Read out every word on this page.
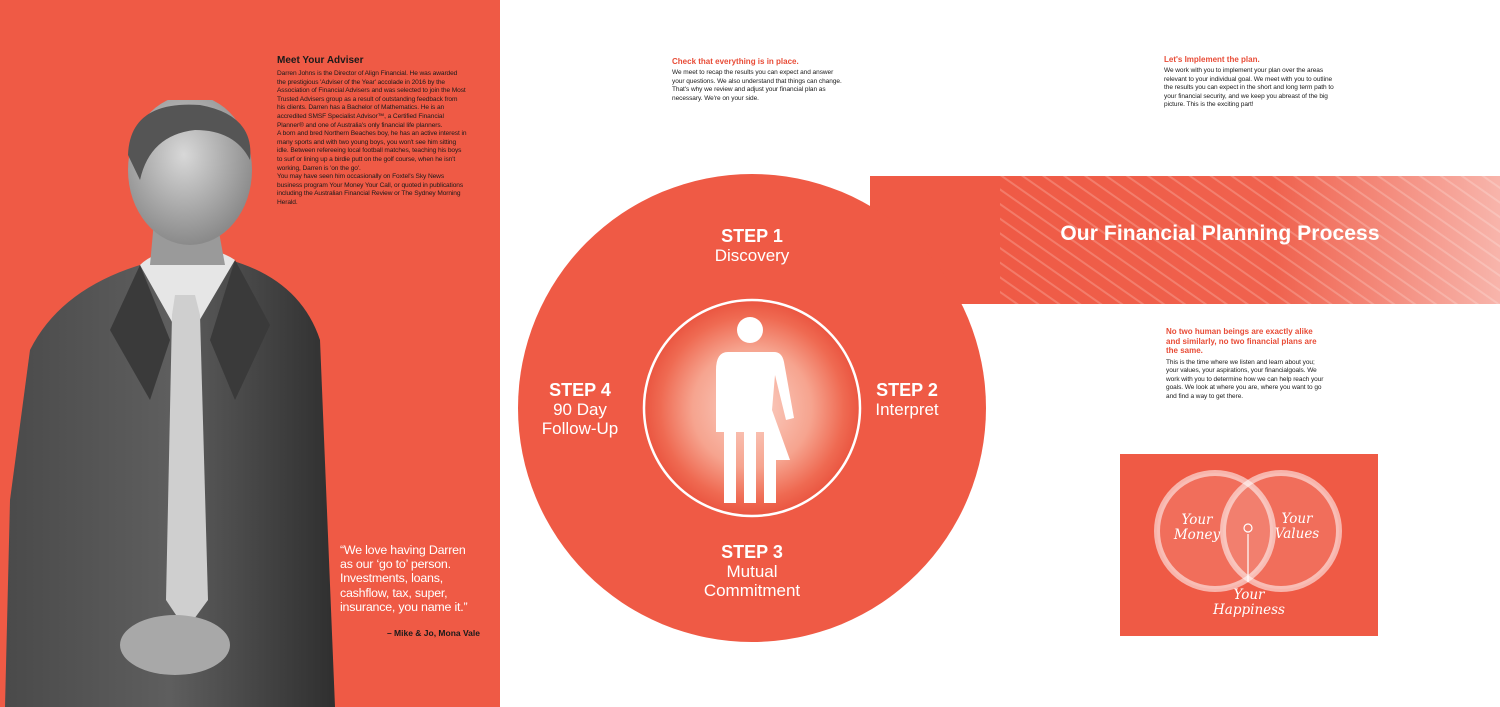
Meet Your Adviser

Darren Johns is the Director of Align Financial. He was awarded the prestigious 'Adviser of the Year' accolade in 2016 by the Association of Financial Advisers and was selected to join the Most Trusted Advisers group as a result of outstanding feedback from his clients. Darren has a Bachelor of Mathematics. He is an accredited SMSF Specialist Advisor™, a Certified Financial Planner® and one of Australia's only financial life planners.

A born and bred Northern Beaches boy, he has an active interest in many sports and with two young boys, you won't see him sitting idle. Between refereeing local football matches, teaching his boys to surf or lining up a birdie putt on the golf course, when he isn't working, Darren is 'on the go'.

You may have seen him occasionally on Foxtel's Sky News business program Your Money Your Call, or quoted in publications including the Australian Financial Review or The Sydney Morning Herald.

“We love having Darren as our ‘go to’ person. Investments, loans, cashflow, tax, super, insurance, you name it.”
– Mike & Jo, Mona Vale

Check that everything is in place.

We meet to recap the results you can expect and answer your questions. We also understand that things can change. That's why we review and adjust your financial plan as necessary. We're on your side.

Let's Implement the plan.

We work with you to implement your plan over the areas relevant to your individual goal. We meet with you to outline the results you can expect in the short and long term path to your financial security, and we keep you abreast of the big picture. This is the exciting part!

No two human beings are exactly alike and similarly, no two financial plans are the same.

This is the time where we listen and learn about you; your values, your aspirations, your financialgoals. We work with you to determine how we can help reach your goals. We look at where you are, where you want to go and find a way to get there.

Our Financial Planning Process

STEP 1

Discovery

STEP 2

Interpret

STEP 3

Mutual Commitment

STEP 4

90 Day Follow-Up

Your Money
Your Values
Your Happiness
